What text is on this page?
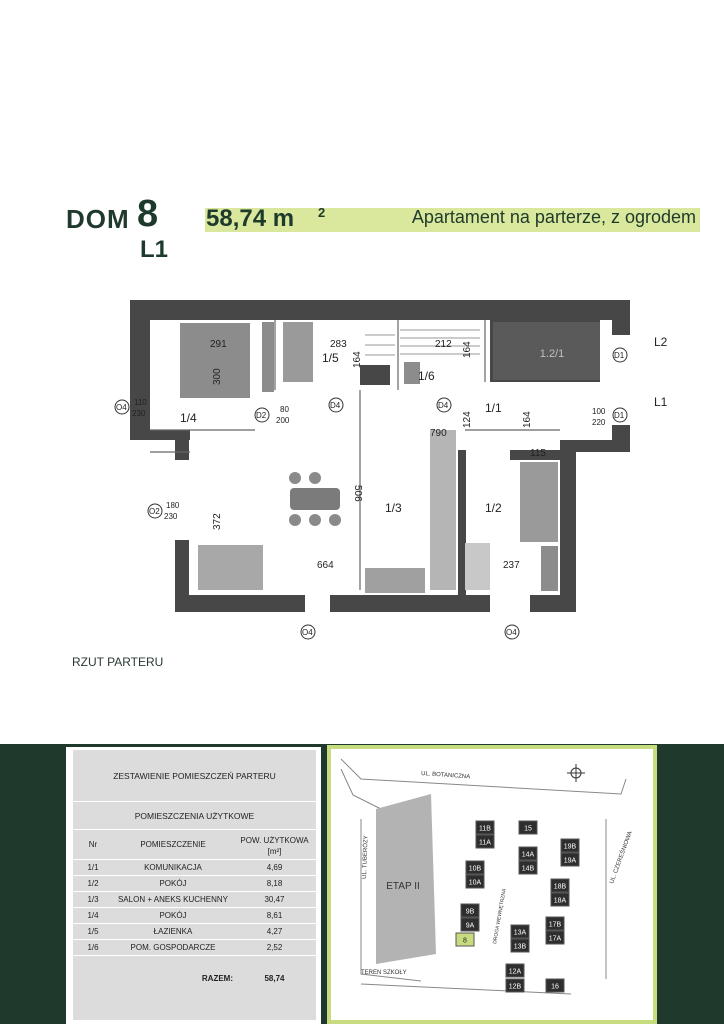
DOM 8
L1
58,74 m 2	Apartament na parterze, z ogrodem
1.2/1
1/4
1/5
1/6
1/1
1/2
1/3
291
300
283
164
212 164
790
124	164
115
506
372
664	237
D2
80
200
D4	D4
D1
D1
100
220
O4
110
230
O2
180
230
O4	O4
L2
L1
RZUT PARTERU
ZESTAWIENIE POMIESZCZEŃ PARTERU
POMIESZCZENIA UŻYTKOWE
Nr	POMIESZCZENIE	POW. UŻYTKOWA
[m²]
1/1	KOMUNIKACJA	4,69
1/2	POKÓJ	8,18
1/3	SALON + ANEKS KUCHENNY	30,47
1/4	POKÓJ	8,61
1/5	ŁAZIENKA	4,27
1/6	POM. GOSPODARCZE	2,52
RAZEM:	58,74
ETAP II
UL. BOTANICZNA
UL. TUBERÓZY	UL. CZEREŚNIOWA
DROGA WEWNĘTRZNA
TEREN SZKOŁY
11B
11A
10B
10A
9B
9A
8
13B
13A
14B
14A
12B
12A
16
19B
19A
18B
18A
17B
17A
15
